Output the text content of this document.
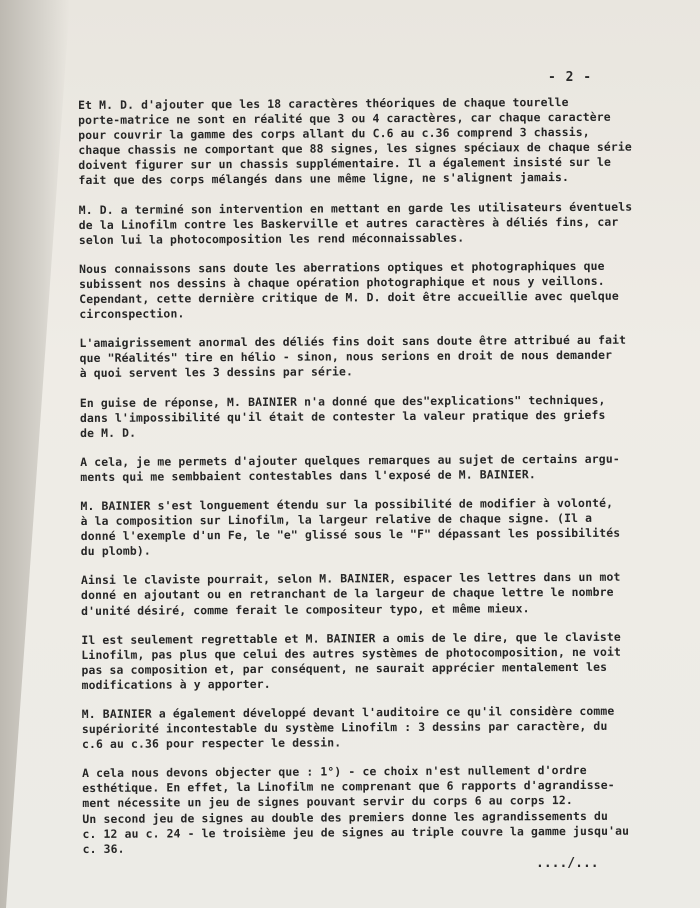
- 2 -

Et M. D. d'ajouter que les 18 caractères théoriques de chaque tourelle
porte-matrice ne sont en réalité que 3 ou 4 caractères, car chaque caractère
pour couvrir la gamme des corps allant du C.6 au c.36 comprend 3 chassis,
chaque chassis ne comportant que 88 signes, les signes spéciaux de chaque série
doivent figurer sur un chassis supplémentaire. Il a également insisté sur le
fait que des corps mélangés dans une même ligne, ne s'alignent jamais.

M. D. a terminé son intervention en mettant en garde les utilisateurs éventuels
de la Linofilm contre les Baskerville et autres caractères à déliés fins, car
selon lui la photocomposition les rend méconnaissables.

Nous connaissons sans doute les aberrations optiques et photographiques que
subissent nos dessins à chaque opération photographique et nous y veillons.
Cependant, cette dernière critique de M. D. doit être accueillie avec quelque
circonspection.

L'amaigrissement anormal des déliés fins doit sans doute être attribué au fait
que "Réalités" tire en hélio - sinon, nous serions en droit de nous demander
à quoi servent les 3 dessins par série.

En guise de réponse, M. BAINIER n'a donné que des"explications" techniques,
dans l'impossibilité qu'il était de contester la valeur pratique des griefs
de M. D.

A cela, je me permets d'ajouter quelques remarques au sujet de certains argu-
ments qui me sembbaient contestables dans l'exposé de M. BAINIER.

M. BAINIER s'est longuement étendu sur la possibilité de modifier à volonté,
à la composition sur Linofilm, la largeur relative de chaque signe. (Il a
donné l'exemple d'un Fe, le "e" glissé sous le "F" dépassant les possibilités
du plomb).

Ainsi le claviste pourrait, selon M. BAINIER, espacer les lettres dans un mot
donné en ajoutant ou en retranchant de la largeur de chaque lettre le nombre
d'unité désiré, comme ferait le compositeur typo, et même mieux.

Il est seulement regrettable et M. BAINIER a omis de le dire, que le claviste
Linofilm, pas plus que celui des autres systèmes de photocomposition, ne voit
pas sa composition et, par conséquent, ne saurait apprécier mentalement les
modifications à y apporter.

M. BAINIER a également développé devant l'auditoire ce qu'il considère comme
supériorité incontestable du système Linofilm : 3 dessins par caractère, du
c.6 au c.36 pour respecter le dessin.

A cela nous devons objecter que : 1°) - ce choix n'est nullement d'ordre
esthétique. En effet, la Linofilm ne comprenant que 6 rapports d'agrandisse-
ment nécessite un jeu de signes pouvant servir du corps 6 au corps 12.
Un second jeu de signes au double des premiers donne les agrandissements du
c. 12 au c. 24 - le troisième jeu de signes au triple couvre la gamme jusqu'au
c. 36.

..../...
